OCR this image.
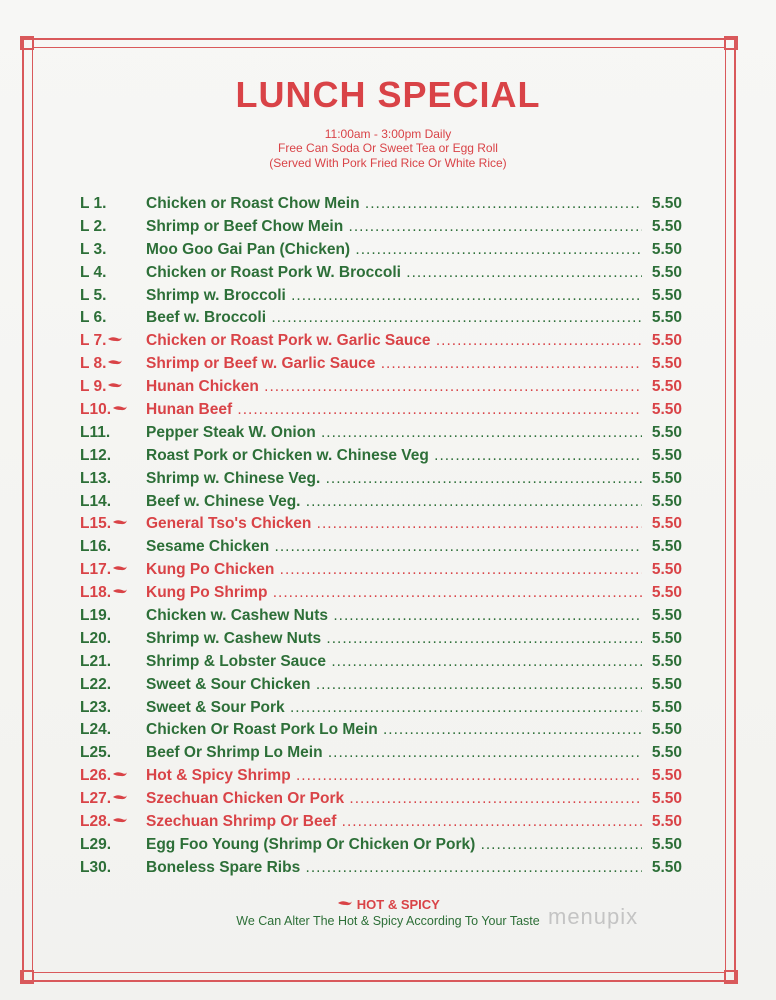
LUNCH SPECIAL
11:00am - 3:00pm Daily
Free Can Soda Or Sweet Tea or Egg Roll
(Served With Pork Fried Rice Or White Rice)
L 1.	Chicken or Roast Chow Mein .....	5.50
L 2.	Shrimp or Beef Chow Mein .....	5.50
L 3.	Moo Goo Gai Pan (Chicken) .....	5.50
L 4.	Chicken or Roast Pork W. Broccoli .....	5.50
L 5.	Shrimp w. Broccoli .....	5.50
L 6.	Beef w. Broccoli .....	5.50
L 7.	Chicken or Roast Pork w. Garlic Sauce .....	5.50
L 8.	Shrimp or Beef w. Garlic Sauce .....	5.50
L 9.	Hunan Chicken .....	5.50
L10. Hunan Beef .....	5.50
L11. Pepper Steak W. Onion .....	5.50
L12. Roast Pork or Chicken w. Chinese Veg .....	5.50
L13. Shrimp w. Chinese Veg. .....	5.50
L14. Beef w. Chinese Veg. .....	5.50
L15. General Tso's Chicken .....	5.50
L16. Sesame Chicken .....	5.50
L17. Kung Po Chicken .....	5.50
L18. Kung Po Shrimp .....	5.50
L19. Chicken w. Cashew Nuts .....	5.50
L20. Shrimp w. Cashew Nuts .....	5.50
L21. Shrimp & Lobster Sauce .....	5.50
L22. Sweet & Sour Chicken .....	5.50
L23. Sweet & Sour Pork .....	5.50
L24. Chicken Or Roast Pork Lo Mein .....	5.50
L25. Beef Or Shrimp Lo Mein .....	5.50
L26. Hot & Spicy Shrimp .....	5.50
L27. Szechuan Chicken Or Pork .....	5.50
L28. Szechuan Shrimp Or Beef .....	5.50
L29. Egg Foo Young (Shrimp Or Chicken Or Pork) .....	5.50
L30. Boneless Spare Ribs .....	5.50
HOT & SPICY
We Can Alter The Hot & Spicy According To Your Taste menupix
